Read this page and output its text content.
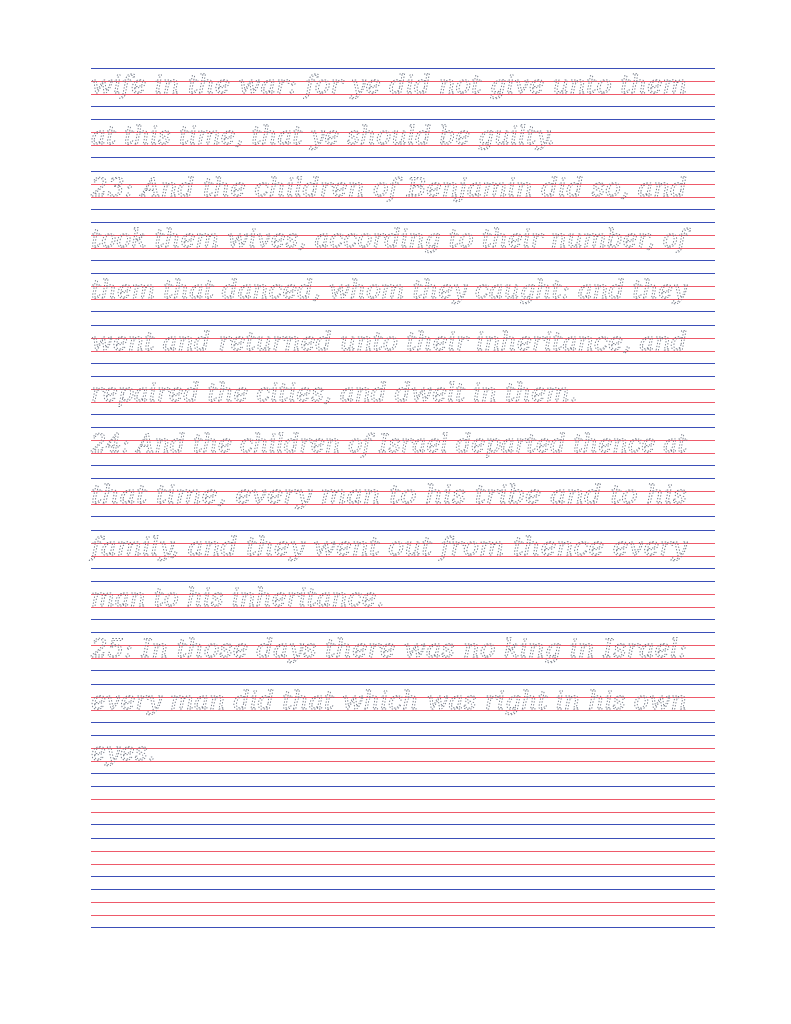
wife in the war: for ye did not give unto them
at this time, that ye should be guilty.
23: And the children of Benjamin did so, and
took them wives, according to their number, of
them that danced, whom they caught: and they
went and returned unto their inheritance, and
repaired the cities, and dwelt in them.
24: And the children of Israel departed thence at
that time, every man to his tribe and to his
family, and they went out from thence every
man to his inheritance.
25: In those days there was no king in Israel:
every man did that which was right in his own
eyes.
